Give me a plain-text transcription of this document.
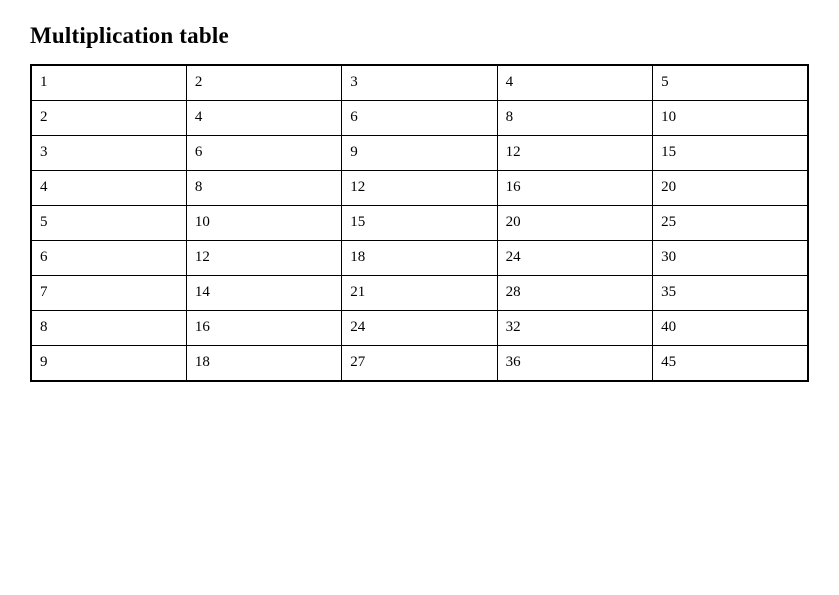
Multiplication table
1	2	3	4	5
2	4	6	8	10
3	6	9	12	15
4	8	12	16	20
5	10	15	20	25
6	12	18	24	30
7	14	21	28	35
8	16	24	32	40
9	18	27	36	45
